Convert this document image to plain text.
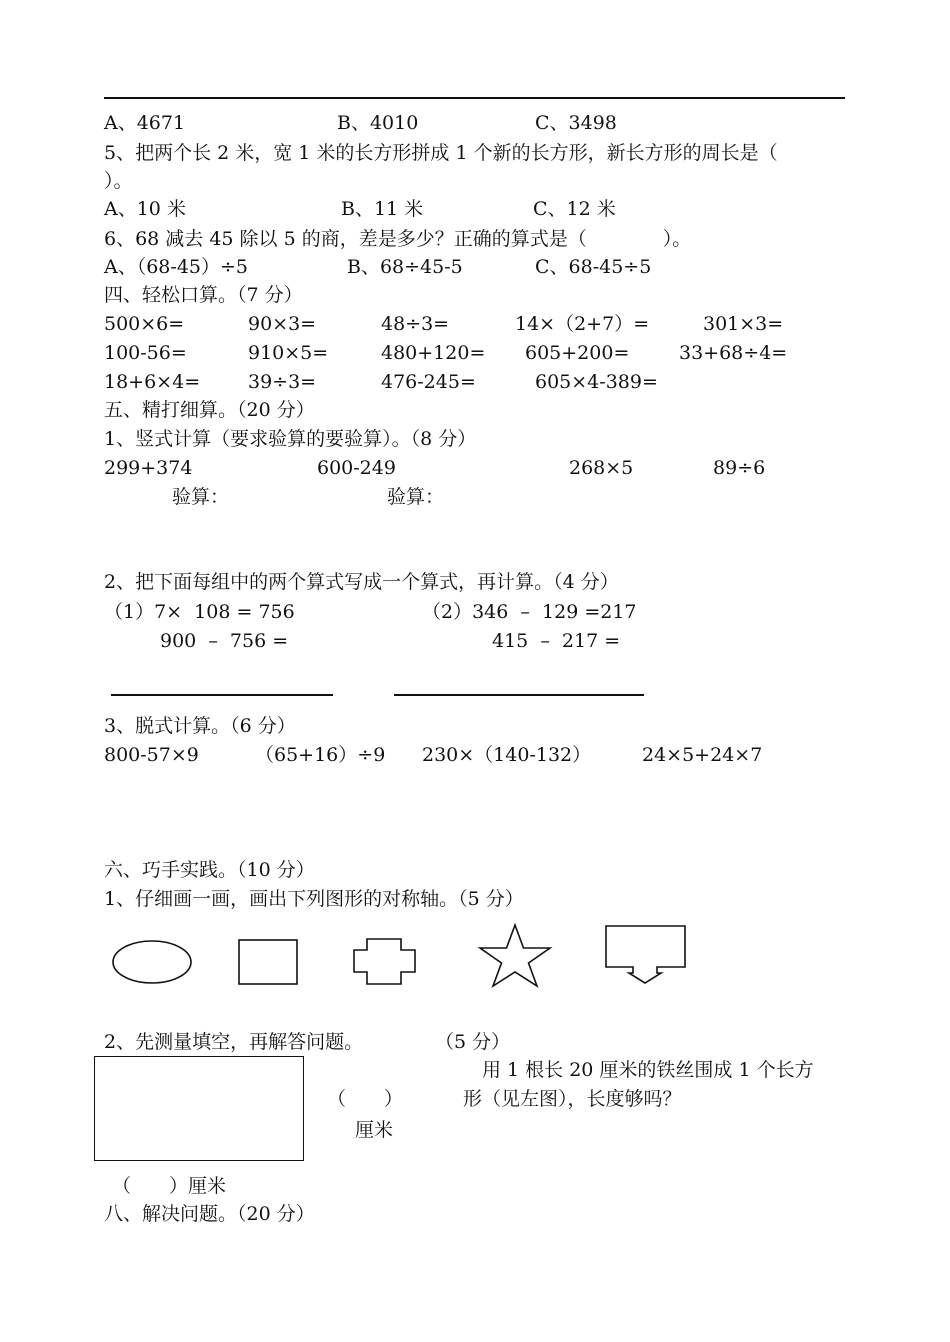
A、4671	B、4010	C、3498
5、把两个长 2 米，宽 1 米的长方形拼成 1 个新的长方形，新长方形的周长是（
）。
A、10 米	B、11 米	C、12 米
6、68 减去 45 除以 5 的商，差是多少？正确的算式是（　　　　）。
A、（68-45）÷5	B、68÷45-5	C、68-45÷5
四、轻松口算。（7 分）
500×6=	90×3=	48÷3=	14×（2+7）=	301×3=
100-56=	910×5=	480+120= 605+200=	33+68÷4=
18+6×4=	39÷3=	476-245=	605×4-389=
五、精打细算。（20 分）
1、竖式计算（要求验算的要验算）。（8 分）
299+374	600-249	268×5	89÷6
验算：	验算：
2、把下面每组中的两个算式写成一个算式，再计算。（4 分）
（1）7×  108 = 756
900  –  756 =
（2）346  –  129 =217
415  –  217 =
3、脱式计算。（6 分）
800-57×9	（65+16）÷9 230×（140-132）	24×5+24×7
六、巧手实践。（10 分）
1、仔细画一画，画出下列图形的对称轴。（5 分）
2、先测量填空，再解答问题。	（5 分）
（　　）
厘米
用 1 根长 20 厘米的铁丝围成 1 个长方
形（见左图），长度够吗？
（　　）厘米
八、解决问题。（20 分）
